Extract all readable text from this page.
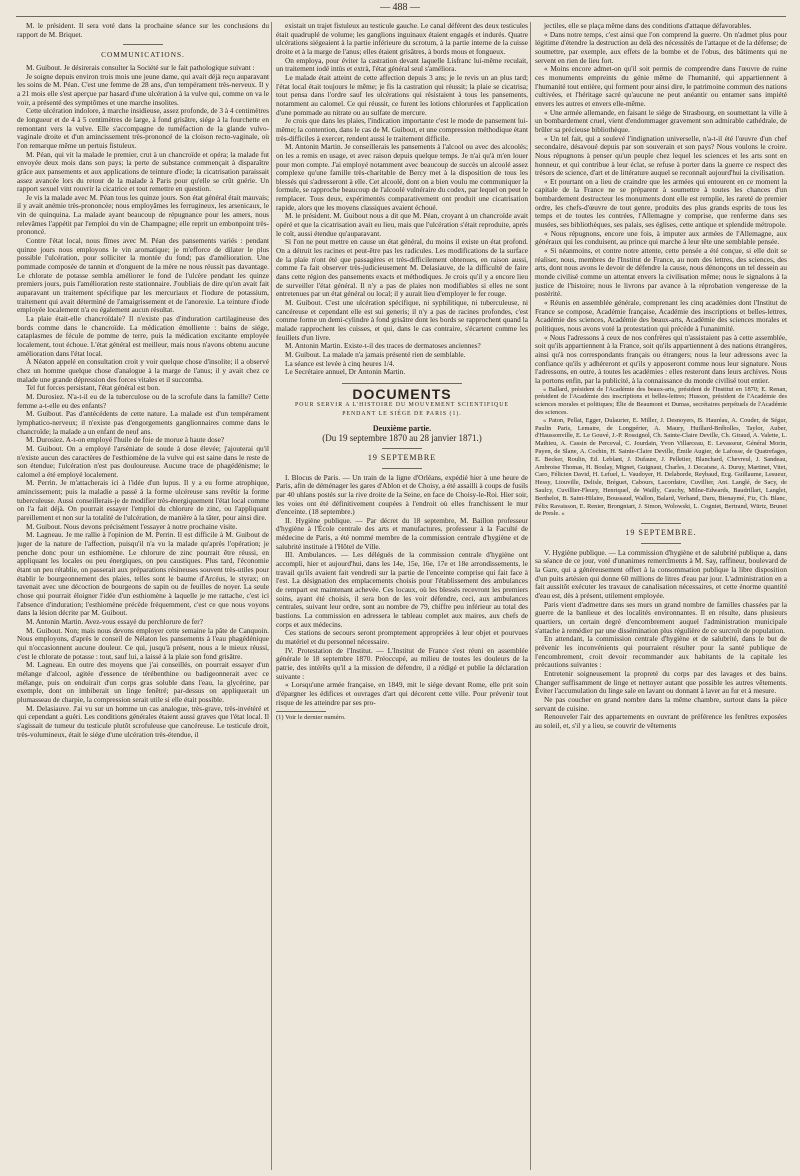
— 488 —

M. le président. Il sera voté dans la prochaine séance sur les conclusions du rapport de M. Briquet.

COMMUNICATIONS.

M. Guibout. Je désirerais consulter la Société sur le fait pathologique suivant :

Je soigne depuis environ trois mois une jeune dame, qui avait déjà reçu auparavant les soins de M. Péan. C'est une femme de 28 ans, d'un tempérament très-nerveux. Il y a 21 mois elle s'est aperçue par hasard d'une ulcération à la vulve qui, comme on va le voir, a présenté des symptômes et une marche insolites.

Cette ulcération indolore, à marche insidieuse, assez profonde, de 3 à 4 centimètres de longueur et de 4 à 5 centimètres de large, à fond grisâtre, siége à la fourchette en remontant vers la vulve. Elle s'accompagne de tuméfaction de la glande vulvo-vaginale droite et d'un amincissement très-prononcé de la cloison recto-vaginale, où l'on remarque même un pertuis fistuleux.

M. Péan, qui vit la malade le premier, crut à un chancroïde et opéra; la malade fut envoyée deux mois dans son pays; la perte de substance commençait à disparaître grâce aux pansements et aux applications de teinture d'iode; la cicatrisation paraissait assez avancée lors du retour de la malade à Paris pour qu'elle se crût guérie. Un rapport sexuel vint rouvrir la cicatrice et tout remettre en question.

Je vis la malade avec M. Péan tous les quinze jours. Son état général était mauvais; il y avait anémie très-prononcée; nous employâmes les ferrugineux, les arsenicaux, le vin de quinquina. La malade ayant beaucoup de répugnance pour les amers, nous relevâmes l'appétit par l'emploi du vin de Champagne; elle reprit un embonpoint très-prononcé.

Contre l'état local, nous fîmes avec M. Péan des pansements variés : pendant quinze jours nous employons le vin aromatique; je m'efforce de dilater le plus possible l'ulcération, pour solliciter la montée du fond; pas d'amélioration. Une pommade composée de tannin et d'onguent de la mère ne nous réussit pas davantage. Le chlorate de potasse sembla améliorer le fond de l'ulcère pendant les quinze premiers jours, puis l'amélioration reste stationnaire. J'oubliais de dire qu'on avait fait auparavant un traitement spécifique par les mercuriaux et l'iodure de potassium, traitement qui avait déterminé de l'amaigrissement et de l'anorexie. La teinture d'iode employée localement n'a eu également aucun résultat.

La plaie était-elle chancroïdale? Il n'existe pas d'induration cartilagineuse des bords comme dans le chancroïde. La médication émolliente : bains de siége, cataplasmes de fécule de pomme de terre, puis la médication excitante employée localement, tout échoue. L'état général est meilleur, mais nous n'avons obtenu aucune amélioration dans l'état local.

À Néaton appelé en consultation croit y voir quelque chose d'insolite; il a observé chez un homme quelque chose d'analogue à la marge de l'anus; il y avait chez ce malade une grande dépression des forces vitales et il succomba.

Tel fut forces persistant, l'état général est bon.

M. Durosiez. N'a-t-il eu de la tuberculose ou de la scrofule dans la famille? Cette femme a-t-elle eu des enfants?

M. Guibout. Pas d'antécédents de cette nature. La malade est d'un tempérament lymphatico-nerveux; il n'existe pas d'engorgements ganglionnaires comme dans le chancroïde; la malade a un enfant de neuf ans.

M. Durosiez. A-t-on employé l'huile de foie de morue à haute dose?

M. Guibout. On a employé l'arséniate de soude à dose élevée; j'ajouterai qu'il n'existe aucun des caractères de l'esthiomène de la vulve qui est saine dans le reste de son étendue; l'ulcération n'est pas douloureuse. Aucune trace de phagédénisme; le calomel a été employé localement.

M. Perrin. Je m'attacherais ici à l'idée d'un lupus. Il y a eu forme atrophique, amincissement; puis la maladie a passé à la forme ulcéreuse sans revêtir la forme tuberculeuse. Aussi conseillerais-je de modifier très-énergiquement l'état local comme on l'a fait déjà. On pourrait essayer l'emploi du chlorure de zinc, ou l'appliquant pareillement et non sur la totalité de l'ulcération, de manière à la tâter, pour ainsi dire.

M. Guibout. Nous devons précisément l'essayer à notre prochaine visite.

M. Lagneau. Je me rallie à l'opinion de M. Perrin. Il est difficile à M. Guibout de juger de la nature de l'affection, puisqu'il n'a vu la malade qu'après l'opération; je penche donc pour un esthiomène. Le chlorure de zinc pourrait être réussi, en appliquant les locales ou peu énergiques, on peu caustiques. Plus tard, l'économie étant un peu rétablie, on passerait aux préparations résineuses souvent très-utiles pour établir le bourgeonnement des plaies, telles sont le baume d'Arcéus, le styrax; on tavenait avec une décoction de bourgeons de sapin ou de feuilles de noyer. La seule chose qui pourrait éloigner l'idée d'un esthiomène à laquelle je me rattache, c'est ici l'absence d'induration; l'esthiomène précède fréquemment, c'est ce que nous voyons dans la lésion décrite par M. Guibout.

M. Antonin Martin. Avez-vous essayé du perchlorure de fer?

M. Guibout. Non; mais nous devons employer cette semaine la pâte de Canquoin. Nous employons, d'après le conseil de Nélaton les pansements à l'eau phagédénique qui n'occasionnent aucune douleur. Ce qui, jusqu'à présent, nous a le mieux réussi, c'est le chlorate de potasse : tout, sauf lui, a laissé à la plaie son fond grisâtre.

M. Lagneau. En outre des moyens que j'ai conseillés, on pourrait essayer d'un mélange d'alcool, agitée d'essence de térébenthine ou badigeonnerait avec ce mélange, puis on enduirait d'un corps gras soluble dans l'eau, la glycérine, par exemple, dont on imbiberait un linge fenêtré; par-dessus on appliquerait un plumasseau de charpie, la compression serait utile si elle était possible.

M. Delasiauve. J'ai vu sur un homme un cas analogue, très-grave, très-invétéré et qui cependant a guéri. Les conditions générales étaient aussi graves que l'état local. Il s'agissait de tumeur du testicule plutôt scrofuleuse que cancéreuse. Le testicule droit, très-volumineux, était le siége d'une ulcération très-étendue, il

existait un trajet fistuleux au testicule gauche. Le canal déférent des deux testicules était quadruplé de volume; les ganglions inguinaux étaient engagés et indurés. Quatre ulcérations siégeaient à la partie inférieure du scrotum, à la partie interne de la cuisse droite et à la marge de l'anus; elles étaient grisâtres, à bords mous et fongueux.

On employa, pour éviter la castration devant laquelle Lisfranc lui-même reculait, un traitement iodé intùs et extrà, l'état général seul s'améliora.

Le malade était atteint de cette affection depuis 3 ans; je le revis un an plus tard; l'état local était toujours le même; je fis la castration qui réussit; la plaie se cicatrisa; tout pensa dans l'ordre sauf les ulcérations qui résistaient à tous les pansements, notamment au calomel. Ce qui réussit, ce furent les lotions chlorurées et l'application d'une pommade au nitrate ou au sulfate de mercure.

Je crois que dans les plaies, l'indication importante c'est le mode de pansement lui-même; la contention, dans le cas de M. Guibout, et une compression méthodique étant très-difficiles à exercer, rendent aussi le traitement difficile.

M. Antonin Martin. Je conseillerais les pansements à l'alcool ou avec des alcoolés; on les a remis en usage, et avec raison depuis quelque temps. Je n'ai qu'à m'en louer pour mon compte. J'ai employé notamment avec beaucoup de succès un alcoolé assez complexe qu'une famille très-charitable de Bercy met à la disposition de tous les blessés qui s'adresseront à elle. Cet alcoolé, dont on a bien voulu me communiquer la formule, se rapproche beaucoup de l'alcoolé vulnéraire du codex, par lequel on peut le remplacer. Tous deux, expérimentés comparativement ont produit une cicatrisation rapide, alors que les moyens classiques avaient échoué.

M. le président. M. Guibout nous a dit que M. Péan, croyant à un chancroïde avait opéré et que la cicatrisation avait eu lieu, mais que l'ulcération s'était reproduite, après le coït, aussi étendue qu'auparavant.

Si l'on ne peut mettre en cause un état général, du moins il existe un état profond. On a détruit les racines et peut-être pas les radicules. Les modifications de la surface de la plaie n'ont été que passagères et très-difficilement obtenues, en raison aussi, comme l'a fait observer très-judicieusement M. Delasiauve, de la difficulté de faire dans cette région des pansements exacts et méthodiques. Je crois qu'il y a encore lieu de surveiller l'état général. Il n'y a pas de plaies non modifiables si elles ne sont entretenues par un état général ou local; il y aurait lieu d'employer le fer rouge.

M. Guibout. C'est une ulcération spécifique, ni syphilitique, ni tuberculeuse, ni cancéreuse et cependant elle est sui generis; il n'y a pas de racines profondes, c'est comme forme un demi-cylindre à fond grisâtre dont les bords se rapprochent quand la malade rapprochent les cuisses, et qui, dans le cas contraire, s'écartent comme les feuillets d'un livre.

M. Antonin Martin. Existe-t-il des traces de dermatoses anciennes?

M. Guibout. La malade n'a jamais présenté rien de semblable.

La séance est levée à cinq heures 1/4.

Le Secrétaire annuel, Dr Antonin Martin.

DOCUMENTS
POUR SERVIR A L'HISTOIRE DU MOUVEMENT SCIENTIFIQUE
PENDANT LE SIÉGE DE PARIS (1).
Deuxième partie.
(Du 19 septembre 1870 au 28 janvier 1871.)
19 SEPTEMBRE

I. Blocus de Paris. — Un train de la ligne d'Orléans, expédié hier à une heure de Paris, afin de déménager les gares d'Ablon et de Choisy, a été assailli à coups de fusils par 40 uhlans postés sur la rive droite de la Seine, en face de Choisy-le-Roi. Hier soir, les voies ont été définitivement coupées à l'endroit où elles franchissent le mur d'enceinte. (18 septembre.)

II. Hygiène publique. — Par décret du 18 septembre, M. Baillon professeur d'hygiène à l'École centrale des arts et manufactures, professeur à la Faculté de médecine de Paris, a été nommé membre de la commission centrale d'hygiène et de salubrité instituée à l'Hôtel de Ville.

III. Ambulances. — Les délégués de la commission centrale d'hygiène ont accompli, hier et aujourd'hui, dans les 14e, 15e, 16e, 17e et 18e arrondissements, le travail qu'ils avaient fait vendredi sur la partie de l'enceinte comprise qui fait face à l'est. La désignation des emplacements choisis pour l'établissement des ambulances de rempart est maintenant achevée. Ces locaux, où les blessés recevront les premiers soins, ayant été choisis, il sera bon de les voir défendre, ceci, aux ambulances centrales, suivant leur ordre, sont au nombre de 79, chiffre peu inférieur au total des bastions. La commission en adressera le tableau complet aux maires, aux chefs de corps et aux médecins.

Ces stations de secours seront promptement appropriées à leur objet et pourvues du matériel et du personnel nécessaire.

IV. Protestation de l'Institut. — L'Institut de France s'est réuni en assemblée générale le 18 septembre 1870. Préoccupé, au milieu de toutes les douleurs de la patrie, des intérêts qu'il a la mission de défendre, il a rédigé et publie la déclaration suivante :

« Lorsqu'une armée française, en 1849, mit le siége devant Rome, elle prit soin d'épargner les édifices et ouvrages d'art qui décorent cette ville. Pour prévenir tout risque de les atteindre par ses pro-

(1) Voir le dernier numéro.

jectiles, elle se plaça même dans des conditions d'attaque défavorables.

« Dans notre temps, c'est ainsi que l'on comprend la guerre. On n'admet plus pour légitime d'étendre la destruction au delà des nécessités de l'attaque et de la défense; de soumettre, par exemple, aux effets de la bombe et de l'obus, des bâtiments qui ne servent en rien de lieu fort.

« Moins encore admet-on qu'il soit permis de comprendre dans l'œuvre de ruine ces monuments empreints du génie même de l'humanité, qui appartiennent à l'humanité tout entière, qui forment pour ainsi dire, le patrimoine commun des nations cultivées, et l'héritage sacré qu'aucune ne peut anéantir ou entamer sans impiété envers les autres et envers elle-même.

« Une armée allemande, en faisant le siége de Strasbourg, en soumettant la ville à un bombardement cruel, vient d'endommager gravement son admirable cathédrale, de brûler sa précieuse bibliothèque.

« Un tel fait, qui a soulevé l'indignation universelle, n'a-t-il été l'œuvre d'un chef secondaire, désavoué depuis par son souverain et son pays? Nous voulons le croire. Nous répugnons à penser qu'un peuple chez lequel les sciences et les arts sont en honneur, et qui contribue à leur éclat, se refuse à porter dans la guerre ce respect des trésors de science, d'art et de littérature auquel se reconnaît aujourd'hui la civilisation.

« Et pourtant on a lieu de craindre que les armées qui entourent en ce moment la capitale de la France ne se préparent à soumettre à toutes les chances d'un bombardement destructeur les monuments dont elle est remplie, les rareté de premier ordre, les chefs-d'œuvre de tout genre, produits des plus grands esprits de tous les temps et de toutes les contrées, l'Allemagne y comprise, que renferme dans ses musées, ses bibliothèques, ses palais, ses églises, cette antique et splendide métropole.

« Nous répugnons, encore une fois, à imputer aux armées de l'Allemagne, aux généraux qui les conduisent, au prince qui marche à leur tête une semblable pensée.

« Si néanmoins, et contre notre attente, cette pensée a été conçue, si elle doit se réaliser, nous, membres de l'Institut de France, au nom des lettres, des sciences, des arts, dont nous avons le devoir de défendre la cause, nous dénonçons un tel dessein au monde civilisé comme un attentat envers la civilisation même; nous le signalons à la justice de l'histoire; nous le livrons par avance à la réprobation vengeresse de la postérité.

« Réunis en assemblée générale, comprenant les cinq académies dont l'Institut de France se compose, Académie française, Académie des inscriptions et belles-lettres, Académie des sciences, Académie des beaux-arts, Académie des sciences morales et politiques, nous avons voté la protestation qui précède à l'unanimité.

« Nous l'adressons à ceux de nos confrères qui n'assistaient pas à cette assemblée, soit qu'ils appartiennent à la France, soit qu'ils appartiennent à des nations étrangères, ainsi qu'à nos correspondants français ou étrangers; nous la leur adressons avec la confiance qu'ils y adhéreront et qu'ils y apposeront comme nous leur signature. Nous l'adressons, en outre, à toutes les académies : elles resteront dans leurs archives. Nous la portons enfin, par la publicité, à la connaissance du monde civilisé tout entier.

« Ballard, président de l'Académie des beaux-arts, président de l'Institut en 1870; E. Renan, président de l'Académie des inscriptions et belles-lettres; Husson, président de l'Académie des sciences morales et politiques; Élie de Beaumont et Dumas, secrétaires perpétuels de l'Académie des sciences.

« Paton, Pellat, Egger, Dulaurier, E. Miller, J. Desnoyers, B. Hauréau, A. Couder, de Ségur, Paulin Paris, Lemaire, de Longpérier, A. Maury, Huillard-Bréholles, Taylor, Auber, d'Haussonville, E. Le Gouvé, J.-P. Rossignol, Ch. Sainte-Claire Deville, Ch. Giraud, A. Valette, L. Mathieu, A. Cassin de Perceval, C. Jourdain, Yvon Villarceau, E. Levasseur, Général Morin, Payen, de Slane, A. Cochin, H. Sainte-Claire Deville, Émile Augier, de Lafosse, de Quatrefages, E. Becker, Roulin, Ed. Leblant, J. Dufaure, J. Pelletier, Blanchard, Chevreul, J. Sandeau, Ambroise Thomas, H. Boulay, Mignet, Guignaut, Charles, J. Decaisne, A. Duruy, Martinet, Vitet, Caro, Félicien David, H. Lefuel, L. Vaudoyer, H. Delaborde, Reybaud, Ecg. Guillaume, Lesueur, Hessy, Liouville, Delisle, Bréguet, Cabours, Lacordaire, Cuvillier, Ant. Langlé, de Sacy, de Saulcy, Cuvillier-Fleury, Henriquel, de Wailly, Cauchy, Milne-Edwards, Baudrillart, Langlet, Berthelot, B. Saint-Hilaire, Boussaud, Wallon, Balard, Verhand, Daru, Bienaymé, Fiz, Ch. Blanc, Félix Ravaisson, E. Renier, Brongniart, J. Simon, Wolowski, L. Cogniet, Bertrand, Würtz, Brunet de Presle. »

19 SEPTEMBRE.

V. Hygiène publique. — La commission d'hygiène et de salubrité publique a, dans sa séance de ce jour, voté d'unanimes remercîments à M. Say, raffineur, boulevard de la Gare, qui a généreusement offert à la consommation publique la libre disposition d'un puits artésien qui donne 60 millions de litres d'eau par jour. L'administration en a fait aussitôt exécuter les travaux de canalisation nécessaires, et cette énorme quantité d'eau est, dès à présent, utilement employée.

Paris vient d'admettre dans ses murs un grand nombre de familles chassées par la guerre de la banlieue et des localités environnantes. Il en résulte, dans plusieurs quartiers, un certain degré d'encombrement auquel l'administration municipale s'attache à remédier par une dissémination plus régulière de ce surcroît de population.

En attendant, la commission centrale d'hygiène et de salubrité, dans le but de prévenir les inconvénients qui pourraient résulter pour la santé publique de l'encombrement, croit devoir recommander aux habitants de la capitale les précautions suivantes :

Entretenir soigneusement la propreté du corps par des lavages et des bains. Changer suffisamment de linge et nettoyer autant que possible les autres vêtements. Éviter l'accumulation du linge sale en lavant ou donnant à laver au fur et à mesure.

Ne pas coucher en grand nombre dans la même chambre, surtout dans la pièce servant de cuisine.

Renouveler l'air des appartements en ouvrant de préférence les fenêtres exposées au soleil, et, s'il y a lieu, se couvrir de vêtements
